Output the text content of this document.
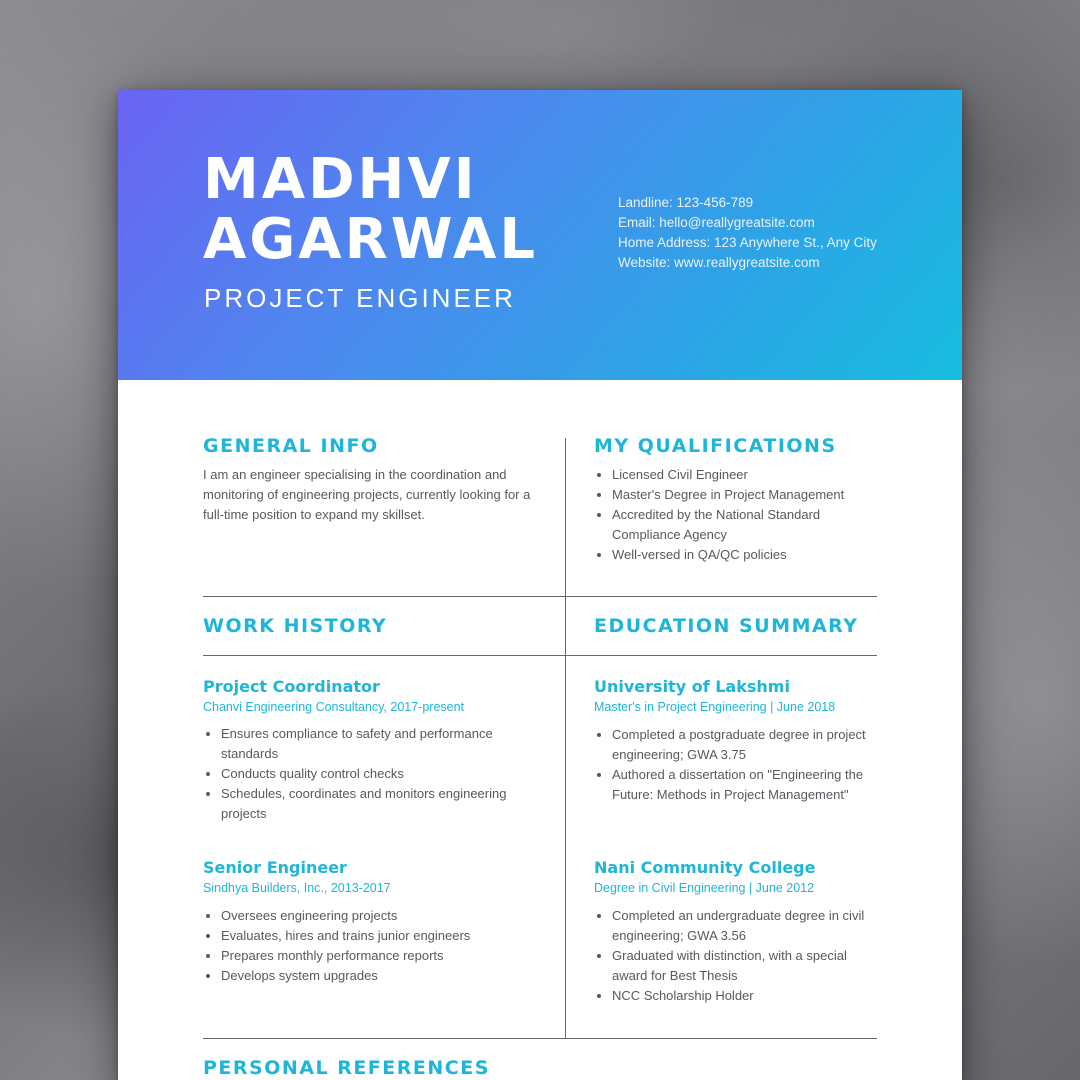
MADHVI
AGARWAL

PROJECT ENGINEER

Landline: 123-456-789
Email: hello@reallygreatsite.com
Home Address: 123 Anywhere St., Any City
Website: www.reallygreatsite.com
GENERAL INFO

I am an engineer specialising in the coordination and monitoring of engineering projects, currently looking for a full-time position to expand my skillset.

MY QUALIFICATIONS
• Licensed Civil Engineer
• Master's Degree in Project Management
• Accredited by the National Standard Compliance Agency
• Well-versed in QA/QC policies
WORK HISTORY
Project Coordinator

Chanvi Engineering Consultancy, 2017-present

• Ensures compliance to safety and performance standards
• Conducts quality control checks
• Schedules, coordinates and monitors engineering projects
Senior Engineer

Sindhya Builders, Inc., 2013-2017

• Oversees engineering projects
• Evaluates, hires and trains junior engineers
• Prepares monthly performance reports
• Develops system upgrades
EDUCATION SUMMARY
University of Lakshmi

Master's in Project Engineering | June 2018

• Completed a postgraduate degree in project engineering; GWA 3.75
• Authored a dissertation on "Engineering the Future: Methods in Project Management"
Nani Community College

Degree in Civil Engineering | June 2012

• Completed an undergraduate degree in civil engineering; GWA 3.56
• Graduated with distinction, with a special award for Best Thesis
• NCC Scholarship Holder
PERSONAL REFERENCES
